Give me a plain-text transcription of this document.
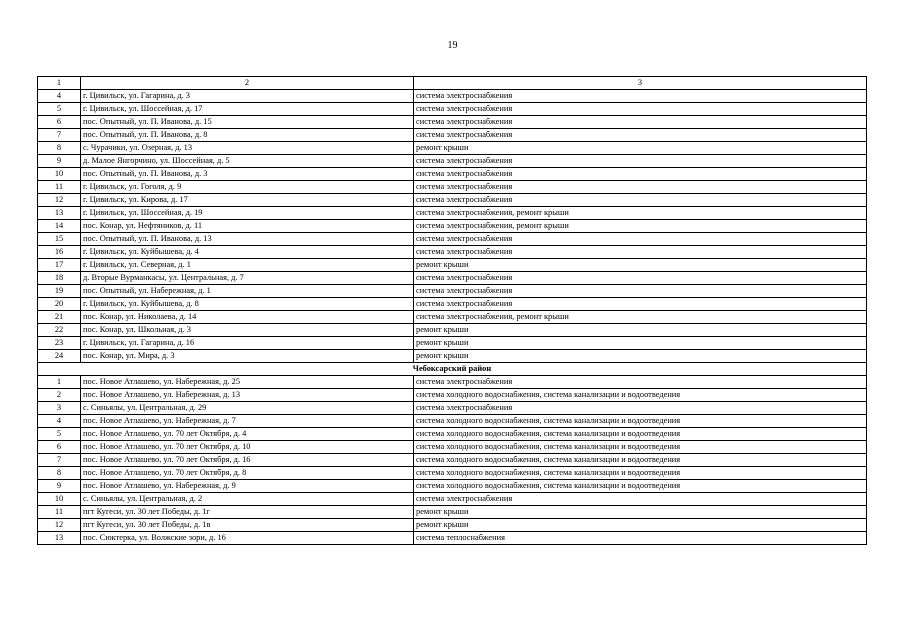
19
1	2	3
4	г. Цивильск, ул. Гагарина, д. 3	система электроснабжения
5	г. Цивильск, ул. Шоссейная, д. 17	система электроснабжения
6	пос. Опытный, ул. П. Иванова, д. 15	система электроснабжения
7	пос. Опытный, ул. П. Иванова, д. 8	система электроснабжения
8	с. Чурачики, ул. Озерная, д. 13	ремонт крыши
9	д. Малое Янгорчино, ул. Шоссейная, д. 5	система электроснабжения
10	пос. Опытный, ул. П. Иванова, д. 3	система электроснабжения
11	г. Цивильск, ул. Гоголя, д. 9	система электроснабжения
12	г. Цивильск, ул. Кирова, д. 17	система электроснабжения
13	г. Цивильск, ул. Шоссейная, д. 19	система электроснабжения, ремонт крыши
14	пос. Конар, ул. Нефтяников, д. 11	система электроснабжения, ремонт крыши
15	пос. Опытный, ул. П. Иванова, д. 13	система электроснабжения
16	г. Цивильск, ул. Куйбышева, д. 4	система электроснабжения
17	г. Цивильск, ул. Северная, д. 1	ремонт крыши
18	д. Вторые Вурманкасы, ул. Центральная, д. 7	система электроснабжения
19	пос. Опытный, ул. Набережная, д. 1	система электроснабжения
20	г. Цивильск, ул. Куйбышева, д. 8	система электроснабжения
21	пос. Конар, ул. Николаева, д. 14	система электроснабжения, ремонт крыши
22	пос. Конар, ул. Школьная, д. 3	ремонт крыши
23	г. Цивильск, ул. Гагарина, д. 16	ремонт крыши
24	пос. Конар, ул. Мира, д. 3	ремонт крыши
Чебоксарский район		
1	пос. Новое Атлашево, ул. Набережная, д. 25	система электроснабжения
2	пос. Новое Атлашево, ул. Набережная, д. 13	система холодного водоснабжения, система канализации и водоотведения
3	с. Синьялы, ул. Центральная, д. 29	система электроснабжения
4	пос. Новое Атлашево, ул. Набережная, д. 7	система холодного водоснабжения, система канализации и водоотведения
5	пос. Новое Атлашево, ул. 70 лет Октября, д. 4	система холодного водоснабжения, система канализации и водоотведения
6	пос. Новое Атлашево, ул. 70 лет Октября, д. 10	система холодного водоснабжения, система канализации и водоотведения
7	пос. Новое Атлашево, ул. 70 лет Октября, д. 16	система холодного водоснабжения, система канализации и водоотведения
8	пос. Новое Атлашево, ул. 70 лет Октября, д. 8	система холодного водоснабжения, система канализации и водоотведения
9	пос. Новое Атлашево, ул. Набережная, д. 9	система холодного водоснабжения, система канализации и водоотведения
10	с. Синьялы, ул. Центральная, д. 2	система электроснабжения
11	пгт Кугеси, ул. 30 лет Победы, д. 1г	ремонт крыши
12	пгт Кугеси, ул. 30 лет Победы, д. 1в	ремонт крыши
13	пос. Сюктерка, ул. Волжские зори, д. 16	система теплоснабжения
